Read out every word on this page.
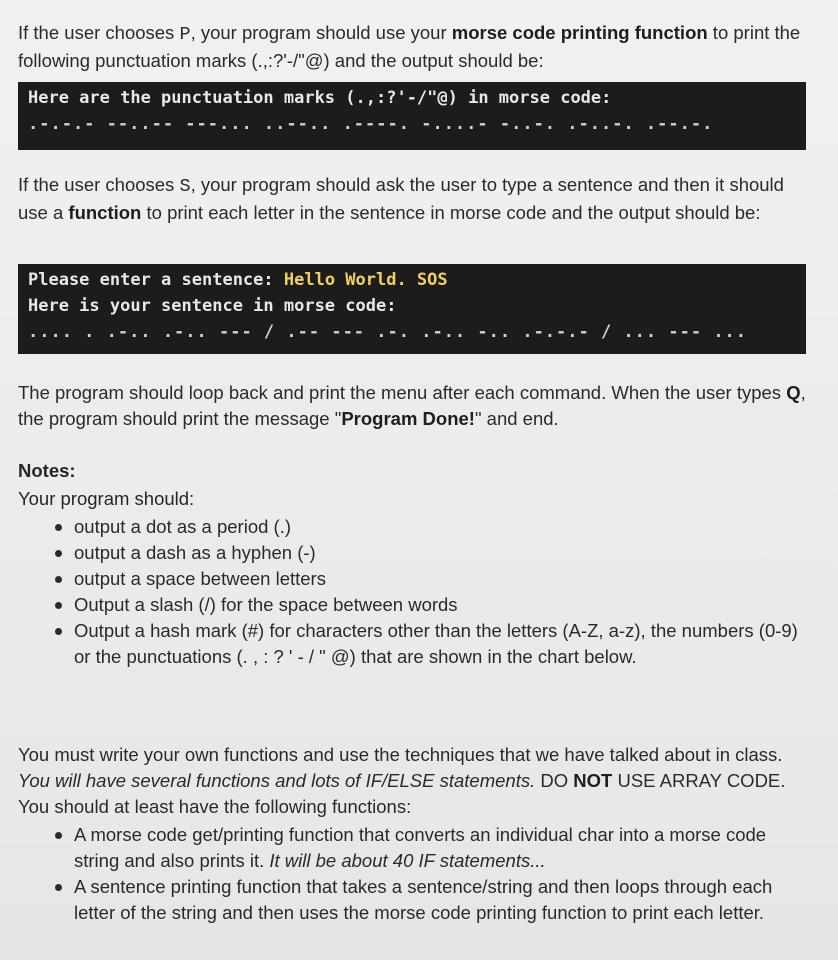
If the user chooses P, your program should use your morse code printing function to print the following punctuation marks (.,:?'-/"@) and the output should be:

Here are the punctuation marks (.,:?'-/"@) in morse code:
.-.-.- --..-- ---... ..--.. .----. -....- -..-. .-..-. .--.-.

If the user chooses S, your program should ask the user to type a sentence and then it should use a function to print each letter in the sentence in morse code and the output should be:

Please enter a sentence: Hello World. SOS
Here is your sentence in morse code:
.... . .-.. .-.. --- / .-- --- .-. .-.. -.. .-.-.- / ... --- ...

The program should loop back and print the menu after each command. When the user types Q, the program should print the message "Program Done!" and end.

Notes:

Your program should:

output a dot as a period (.)
output a dash as a hyphen (-)
output a space between letters
Output a slash (/) for the space between words
Output a hash mark (#) for characters other than the letters (A-Z, a-z), the numbers (0-9) or the punctuations (. , : ? ' - / " @) that are shown in the chart below.

You must write your own functions and use the techniques that we have talked about in class. You will have several functions and lots of IF/ELSE statements. DO NOT USE ARRAY CODE. You should at least have the following functions:

A morse code get/printing function that converts an individual char into a morse code string and also prints it. It will be about 40 IF statements...
A sentence printing function that takes a sentence/string and then loops through each letter of the string and then uses the morse code printing function to print each letter.
